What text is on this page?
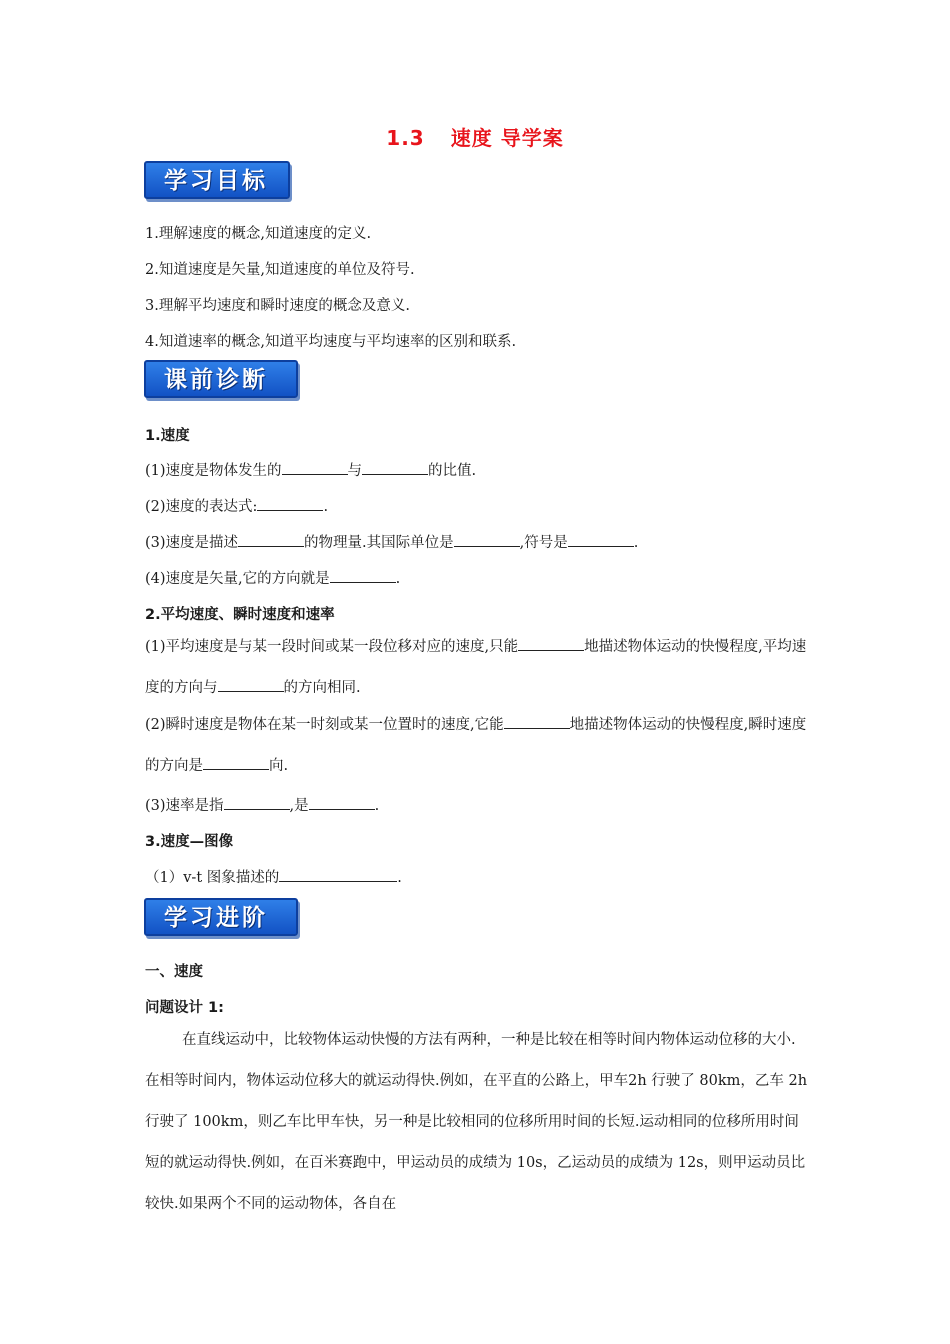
1.3 速度 导学案
学习目标
1.理解速度的概念,知道速度的定义.
2.知道速度是矢量,知道速度的单位及符号.
3.理解平均速度和瞬时速度的概念及意义.
4.知道速率的概念,知道平均速度与平均速率的区别和联系.
课前诊断
1.速度
(1)速度是物体发生的	与	的比值.
(2)速度的表达式:	.
(3)速度是描述	的物理量.其国际单位是	,符号是	.
(4)速度是矢量,它的方向就是	.
2.平均速度、瞬时速度和速率
(1)平均速度是与某一段时间或某一段位移对应的速度,只能	地描述物体运动的快慢程度,平均速度的方向与	的方向相同.
(2)瞬时速度是物体在某一时刻或某一位置时的速度,它能	地描述物体运动的快慢程度,瞬时速度的方向是	向.
(3)速率是指	,是	.
3.速度—图像
（1）v-t 图象描述的	.
学习进阶
一、速度
问题设计 1:
在直线运动中，比较物体运动快慢的方法有两种，一种是比较在相等时间内物体运动位移的大小.在相等时间内，物体运动位移大的就运动得快.例如，在平直的公路上，甲车2h 行驶了 80km，乙车 2h 行驶了 100km，则乙车比甲车快，另一种是比较相同的位移所用时间的长短.运动相同的位移所用时间短的就运动得快.例如，在百米赛跑中，甲运动员的成绩为 10s，乙运动员的成绩为 12s，则甲运动员比较快.如果两个不同的运动物体，各自在
